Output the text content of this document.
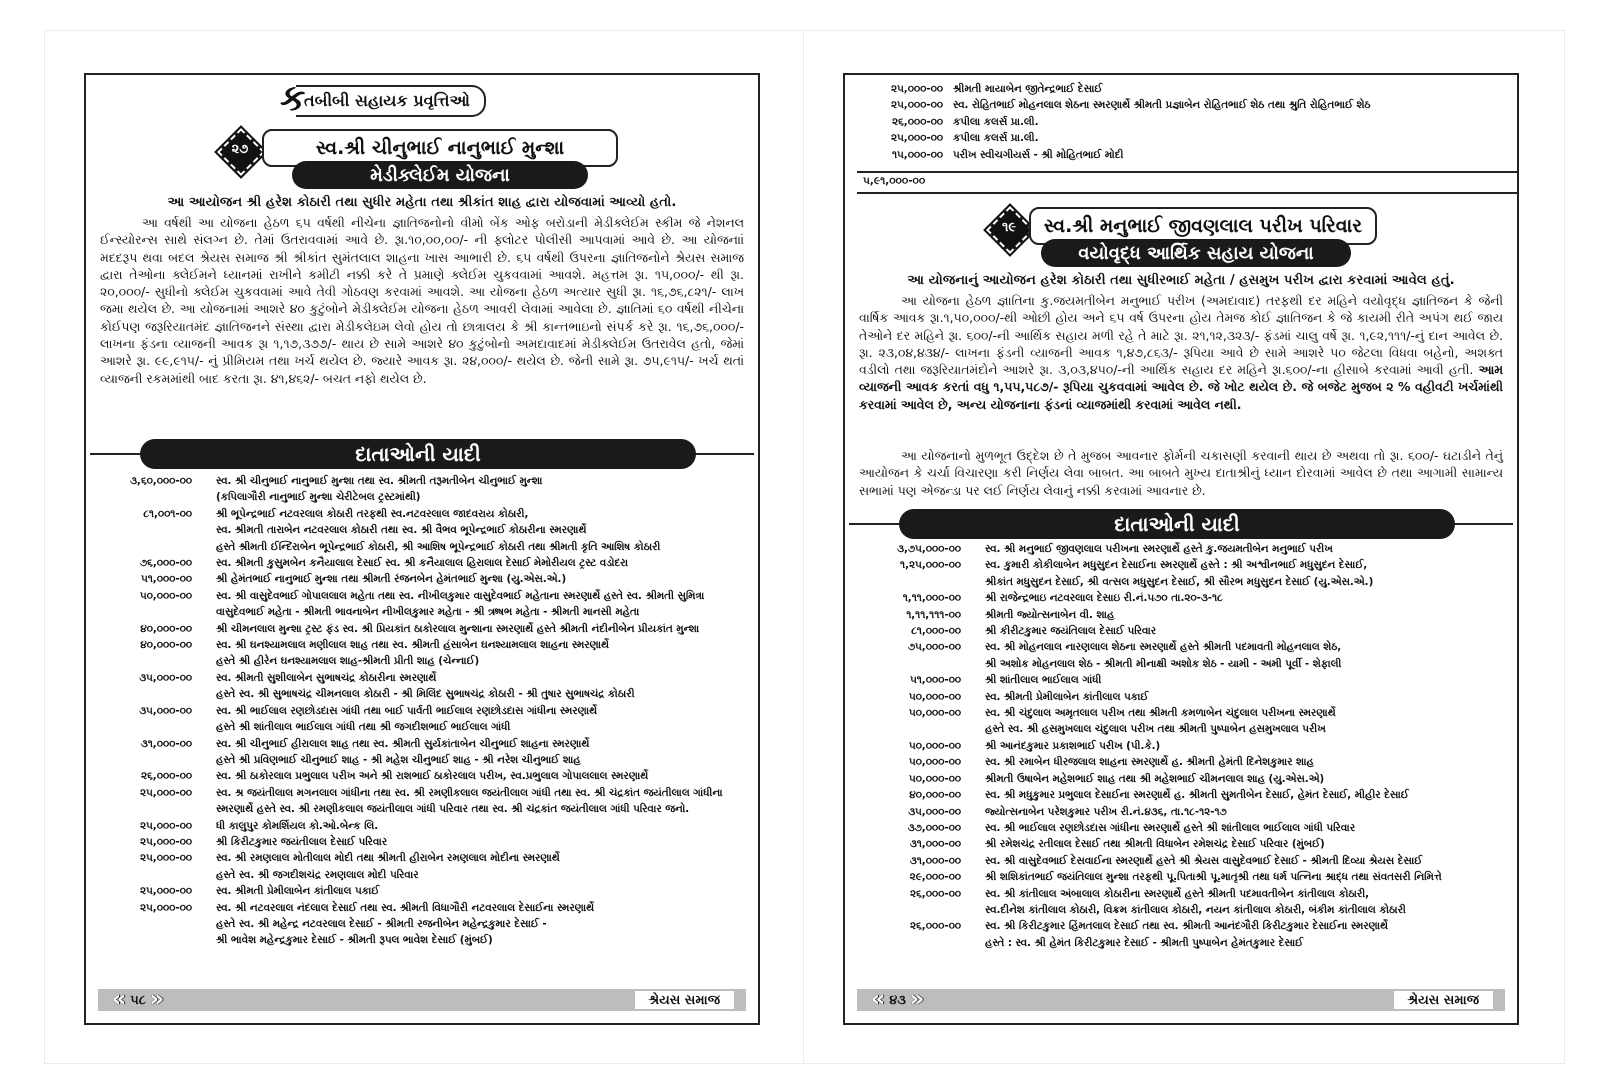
ક
તબીબી સહાયક પ્રવૃત્તિઓ
૨૭	સ્વ.શ્રી ચીનુભાઈ નાનુભાઈ મુન્શા
મેડીક્લેઈમ યોજના
આ આયોજન શ્રી હરેશ કોઠારી તથા સુધીર મહેતા તથા શ્રીકાંત શાહ દ્વારા યોજવામાં આવ્યો હતો.
આ વર્ષથી આ યોજના હેઠળ ૬૫ વર્ષથી નીચેના જ્ઞાતિજનોનો વીમો બેંક ઓફ બરોડાની મેડીક્લેઈમ સ્કીમ જે નેશનલ ઈન્સ્યોરન્સ સાથે સંલગ્ન છે. તેમાં ઉતરાવવામાં આવે છે. રૂા.૧૦,૦૦,૦૦/- ની ફ્લોટર પોલીસી આપવામાં આવે છે. આ યોજનાાં મદદરૂપ થવા બદલ શ્રેયસ સમાજ શ્રી શ્રીકાંત સુમંતલાલ શાહના ખાસ આભારી છે. ૬૫ વર્ષથી ઉપરના જ્ઞાતિજનોને શ્રેયસ સમાજ દ્વારા તેઓના ક્લેઈમને ધ્યાનમાં રાખીને કમીટી નક્કી કરે તે પ્રમાણે ક્લેઈમ ચુકવવામાં આવશે. મહત્તમ રૂા. ૧૫,૦૦૦/- થી રૂા. ૨૦,૦૦૦/- સુધીનો ક્લેઈમ ચુકવવામાં આવે તેવી ગોઠવણ કરવામાં આવશે. આ યોજના હેઠળ અત્યાર સુધી રૂા. ૧૬,૭૬,૮૨૧/- લાખ જમા થયેલ છે. આ યોજનામાં આશરે ૪૦ કુટુંબોને મેડીક્લેઈમ યોજના હેઠળ આવરી લેવામાં આવેલા છે. જ્ઞાતિમાં ૬૦ વર્ષથી નીચેના કોઈપણ જરૂરિયાતમંદ જ્ઞાતિજનને સંસ્થા દ્વારા મેડીકલેઇમ લેવો હોય તો છાત્રાલય કે શ્રી કાન્તભાઇનો સંપર્ક કરે રૂા. ૧૬,૭૬,૦૦૦/- લાખના ફંડના વ્યાજની આવક રૂા ૧,૧૭,૩૭૭/- થાય છે સામે આશરે ૪૦ કુટુંબોનો અમદાવાદમાં મેડીક્લેઈમ ઉતરાવેલ હતો, જેમાં આશરે રૂા. ૯૯,૯૧૫/- નું પ્રીમિયમ તથા ખર્ચ થયેલ છે. જ્યારે આવક રૂા. ૨૪,૦૦૦/- થયેલ છે. જેની સામે રૂા. ૭૫,૯૧૫/- ખર્ચ થતાં વ્યાજની રકમમાંથી બાદ કરતા રૂા. ૪૧,૪૬૨/- બચત નફો થયેલ છે.
દાતાઓની યાદી
૩,૬૦,૦૦૦-૦૦ સ્વ. શ્રી ચીનુભાઈ નાનુભાઈ મુન્શા તથા સ્વ. શ્રીમતી તરૂમતીબેન ચીનુભાઈ મુન્શા
(કપિલાગૌરી નાનુભાઈ મુન્શા ચેરીટેબલ ટ્રસ્ટમાંથી)
૮૧,૦૦૧-૦૦ શ્રી ભૂપેન્દ્રભાઈ નટવરલાલ કોઠારી તરફથી સ્વ.નટવરલાલ જાદવરાય કોઠારી,
સ્વ. શ્રીમતી તારાબેન નટવરલાલ કોઠારી તથા સ્વ. શ્રી વૈભવ ભૂપેન્દ્રભાઈ કોઠારીના સ્મરણાર્થે
હસ્તે શ્રીમતી ઈન્દિરાબેન ભૂપેન્દ્રભાઈ કોઠારી, શ્રી આશિષ ભૂપેન્દ્રભાઈ કોઠારી તથા શ્રીમતી કૃતિ આશિષ કોઠારી
૭૬,૦૦૦-૦૦ સ્વ. શ્રીમતી કુસુમબેન કનૈયાલાલ દેસાઈ સ્વ. શ્રી કનૈયાલાલ હિરાલાલ દેસાઈ મેમોરીયલ ટ્રસ્ટ વડોદરા
૫૧,૦૦૦-૦૦ શ્રી હેમંતભાઈ નાનુભાઈ મુન્શા તથા શ્રીમતી રંજનબેન હેમંતભાઈ મુન્શા (યુ.એસ.એ.)
૫૦,૦૦૦-૦૦ સ્વ. શ્રી વાસુદેવભાઈ ગોપાલલાલ મહેતા તથા સ્વ. નીખીલકુમાર વાસુદેવભાઈ મહેતાના સ્મરણાર્થે હસ્તે સ્વ. શ્રીમતી સુમિત્રા
વાસુદેવભાઈ મહેતા - શ્રીમતી ભાવનાબેન નીખીલકુમાર મહેતા - શ્રી ઋષભ મહેતા - શ્રીમતી માનસી મહેતા
૪૦,૦૦૦-૦૦ શ્રી ચીમનલાલ મુન્શા ટ્રસ્ટ ફંડ સ્વ. શ્રી પ્રિયકાંત ઠાકોરલાલ મુન્શાના સ્મરણાર્થે હસ્તે શ્રીમતી નંદીનીબેન પ્રીયકાંત મુન્શા
૪૦,૦૦૦-૦૦ સ્વ. શ્રી ઘનશ્યામલાલ મણીલાલ શાહ તથા સ્વ. શ્રીમતી હંસાબેન ઘનશ્યામલાલ શાહના સ્મરણાર્થે
હસ્તે શ્રી હીરેન ઘનશ્યામલાલ શાહ-શ્રીમતી પ્રીતી શાહ (ચેન્નાઈ)
૩૫,૦૦૦-૦૦ સ્વ. શ્રીમતી સુશીલાબેન સુભાષચંદ્ર કોઠારીના સ્મરણાર્થે
હસ્તે સ્વ. શ્રી સુભાષચંદ્ર ચીમનલાલ કોઠારી - શ્રી મિલિંદ સુભાષચંદ્ર કોઠારી - શ્રી તુષાર સુભાષચંદ્ર કોઠારી
૩૫,૦૦૦-૦૦ સ્વ. શ્રી ભાઈલાલ રણછોડદાસ ગાંધી તથા બાઈ પાર્વતી ભાઈલાલ રણછોડદાસ ગાંધીના સ્મરણાર્થે
હસ્તે શ્રી શાંતીલાલ ભાઈલાલ ગાંધી તથા શ્રી જગદીશભાઈ ભાઈલાલ ગાંધી
૩૧,૦૦૦-૦૦ સ્વ. શ્રી ચીનુભાઈ હીરાલાલ શાહ તથા સ્વ. શ્રીમતી સુર્યકાંતાબેન ચીનુભાઈ શાહના સ્મરણાર્થે
હસ્તે શ્રી પ્રવિણભાઈ ચીનુભાઈ શાહ - શ્રી મહેશ ચીનુભાઈ શાહ - શ્રી નરેશ ચીનુભાઈ શાહ
૨૬,૦૦૦-૦૦ સ્વ. શ્રી ઠાકોરલાલ પ્રભુલાલ પરીખ અને શ્રી રાશભાઈ ઠાકોરલાલ પરીખ, સ્વ.પ્રભુલાલ ગોપાલલાલ સ્મરણાર્થે
૨૫,૦૦૦-૦૦ સ્વ. શ્ર જયંતીલાલ મગનલાલ ગાંધીના તથા સ્વ. શ્રી રમણીકલાલ જયંતીલાલ ગાંધી તથા સ્વ. શ્રી ચંદ્રકાંત જયંતીલાલ ગાંધીના
સ્મરણાર્થે હસ્તે સ્વ. શ્રી રમણીકલાલ જયંતીલાલ ગાંધી પરિવાર તથા સ્વ. શ્રી ચંદ્રકાંત જયંતીલાલ ગાંધી પરિવાર જનો.
૨૫,૦૦૦-૦૦ ધી કાલુપુર કોમર્શિયલ કો.ઓ.બેન્ક લિ.
૨૫,૦૦૦-૦૦ શ્રી કિરીટકુમાર જયંતીલાલ દેસાઈ પરિવાર
૨૫,૦૦૦-૦૦ સ્વ. શ્રી રમણલાલ મોતીલાલ મોદી તથા શ્રીમતી હીરાબેન રમણલાલ મોદીના સ્મરણાર્થે
હસ્તે સ્વ. શ્રી જગદીશચંદ્ર રમણલાલ મોદી પરિવાર
૨૫,૦૦૦-૦૦ સ્વ. શ્રીમતી પ્રેમીલાબેન કાંતીલાલ પકાઈ
૨૫,૦૦૦-૦૦ સ્વ. શ્રી નટવરલાલ નંદલાલ દેસાઈ તથા સ્વ. શ્રીમતી વિધાગૌરી નટવરલાલ દેસાઈના સ્મરણાર્થે
હસ્તે સ્વ. શ્રી મહેન્દ્ર નટવરલાલ દેસાઈ - શ્રીમતી રજનીબેન મહેન્દ્રકુમાર દેસાઈ -
શ્રી ભાવેશ મહેન્દ્રકુમાર દેસાઈ - શ્રીમતી રૂપલ ભાવેશ દેસાઈ (મુંબઈ)
« ૫૮ »	શ્રેયસ સમાજ
૨૫,૦૦૦-૦૦ શ્રીમતી માયાબેન જીતેન્દ્રભાઈ દેસાઈ
૨૫,૦૦૦-૦૦ સ્વ. રોહિતભાઈ મોહનલાલ શેઠના સ્મરણાર્થે શ્રીમતી પ્રજ્ઞાબેન રોહિતભાઈ શેઠ તથા શ્રુતિ રોહિતભાઈ શેઠ
૨૬,૦૦૦-૦૦ કપીલા કલર્સ પ્રા.લી.
૨૫,૦૦૦-૦૦ કપીલા કલર્સ પ્રા.લી.
૧૫,૦૦૦-૦૦ પરીખ સ્વીચગીયર્સ - શ્રી મોહિતભાઈ મોદી
૫,૯૧,૦૦૦-૦૦
૧૯	સ્વ.શ્રી મનુભાઈ જીવણલાલ પરીખ પરિવાર
વયોવૃદ્ધ આર્થિક સહાય યોજના
આ યોજનાનું આયોજન હરેશ કોઠારી તથા સુધીરભાઈ મહેતા / હસમુખ પરીખ દ્વારા કરવામાં આવેલ હતું.
આ યોજના હેઠળ જ્ઞાતિના કુ.જયમતીબેન મનુભાઈ પરીખ (અમદાવાદ) તરફથી દર મહિને વયોવૃદ્ધ જ્ઞાતિજન કે જેની વાર્ષિક આવક રૂા.૧,૫૦,૦૦૦/-થી ઓછી હોય અને ૬૫ વર્ષ ઉપરના હોય તેમજ કોઈ જ્ઞાતિજન કે જે કાયમી રીતે અપંગ થઈ જાય તેઓને દર મહિને રૂા. ૬૦૦/-ની આર્થિક સહાય મળી રહે તે માટે રૂા. ૨૧,૧૨,૩૨૩/- ફંડમાં ચાલુ વર્ષે રૂા. ૧,૯૨,૧૧૧/-નું દાન આવેલ છે. રૂા. ૨૩,૦૪,૪૩૪/- લાખના ફંડની વ્યાજની આવક ૧,૪૭,૮૬૩/- રૂપિયા આવે છે સામે આશરે ૫૦ જેટલા વિધવા બહેનો, અશક્ત વડીલો તથા જરૂરિયાતમંદોને આશરે રૂા. ૩,૦૩,૪૫૦/-ની આર્થિક સહાય દર મહિને રૂા.૬૦૦/-ના હીસાબે કરવામાં આવી હતી. આમ વ્યાજની આવક કરતાં વધુ ૧,૫૫,૫૮૭/- રૂપિયા ચુકવવામાં આવેલ છે. જે ખોટ થયેલ છે. જે બજેટ મુજબ ૨ % વહીવટી ખર્ચમાંથી કરવામાં આવેલ છે, અન્ય યોજનાના ફંડનાં વ્યાજમાંથી કરવામાં આવેલ નથી.
આ યોજનાનો મુળભૂત ઉદ્દેશ છે તે મુજબ આવનાર ફોર્મની ચકાસણી કરવાની થાય છે અથવા તો રૂા. ૬૦૦/- ઘટાડીને તેનું આયોજન કે ચર્ચા વિચારણા કરી નિર્ણય લેવા બાબત. આ બાબતે મુખ્ય દાતાશ્રીનું ધ્યાન દોરવામાં આવેલ છે તથા આગામી સામાન્ય સભામાં પણ એજન્ડા પર લઈ નિર્ણય લેવાનું નક્કી કરવામાં આવનાર છે.
દાતાઓની યાદી
૩,૭૫,૦૦૦-૦૦ સ્વ. શ્રી મનુભાઈ જીવણલાલ પરીખના સ્મરણાર્થે હસ્તે કુ.જયમતીબેન મનુભાઈ પરીખ
૧,૨૫,૦૦૦-૦૦ સ્વ. કુમારી કોકીલાબેન મધુસુદન દેસાઈના સ્મરણાર્થે હસ્તે : શ્રી અશ્વીનભાઈ મધુસુદન દેસાઈ,
શ્રીકાંત મધુસુદન દેસાઈ, શ્રી વત્સલ મધુસુદન દેસાઈ, શ્રી સૌરભ મધુસુદન દેસાઈ (યુ.એસ.એ.)
૧,૧૧,૦૦૦-૦૦ શ્રી રાજેન્દ્રભાઇ નટવરલાલ દેસાઇ રી.નં.૫૭૦ તા.૨૦-૩-૧૮
૧,૧૧,૧૧૧-૦૦ શ્રીમતી જ્યોત્સનાબેન વી. શાહ
૮૧,૦૦૦-૦૦ શ્રી કીરીટકુમાર જયંતિલાલ દેસાઈ પરિવાર
૭૫,૦૦૦-૦૦ સ્વ. શ્રી મોહનલાલ નારણલાલ શેઠના સ્મરણાર્થે હસ્તે શ્રીમતી પદમાવતી મોહનલાલ શેઠ,
શ્રી અશોક મોહનલાલ શેઠ - શ્રીમતી મીનાક્ષી અશોક શેઠ - યામી - અમી પૂર્વી - શેફાલી
૫૧,૦૦૦-૦૦ શ્રી શાંતીલાલ ભાઈલાલ ગાંધી
૫૦,૦૦૦-૦૦ સ્વ. શ્રીમતી પ્રેમીલાબેન કાંતીલાલ પકાઈ
૫૦,૦૦૦-૦૦ સ્વ. શ્રી ચંદુલાલ અમૃતલાલ પરીખ તથા શ્રીમતી કમળાબેન ચંદુલાલ પરીખના સ્મરણાર્થે
હસ્તે સ્વ. શ્રી હસમુખલાલ ચંદુલાલ પરીખ તથા શ્રીમતી પુષ્પાબેન હસમુખલાલ પરીખ
૫૦,૦૦૦-૦૦ શ્રી આનંદકુમાર પ્રકાશભાઈ પરીખ (પી.કે.)
૫૦,૦૦૦-૦૦ સ્વ. શ્રી રમાબેન ધીરજલાલ શાહના સ્મરણાર્થે હ. શ્રીમતી હેમંતી દિનેશકુમાર શાહ
૫૦,૦૦૦-૦૦ શ્રીમતી ઉષાબેન મહેશભાઈ શાહ તથા શ્રી મહેશભાઈ ચીમનલાલ શાહ (યુ.એસ.એ)
૪૦,૦૦૦-૦૦ સ્વ. શ્રી મધુકુમાર પ્રભુલાલ દેસાઈના સ્મરણાર્થે હ. શ્રીમતી સુમતીબેન દેસાઈ, હેમંત દેસાઈ, મીહીર દેસાઈ
૩૫,૦૦૦-૦૦ જ્યોત્સનાબેન પરેશકુમાર પરીખ રી.નં.૪૩૬, તા.૧૮-૧૨-૧૭
૩૭,૦૦૦-૦૦ સ્વ. શ્રી ભાઈલાલ રણછોડદાસ ગાંધીના સ્મરણાર્થે હસ્તે શ્રી શાંતીલાલ ભાઈલાલ ગાંધી પરિવાર
૩૧,૦૦૦-૦૦ શ્રી રમેશચંદ્ર રતીલાલ દેસાઈ તથા શ્રીમતી વિધાબેન રમેશચંદ્ર દેસાઈ પરિવાર (મુંબઈ)
૩૧,૦૦૦-૦૦ સ્વ. શ્રી વાસુદેવભાઈ દેસવાઈના સ્મરણાર્થે હસ્તે શ્રી શ્રેયસ વાસુદેવભાઈ દેસાઈ - શ્રીમતી દિવ્યા શ્રેયસ દેસાઈ
૨૯,૦૦૦-૦૦ શ્રી શશિકાંતભાઈ જયંતિલાલ મુન્શા તરફથી પૂ.પિતાશ્રી પૂ.માતૃશ્રી તથા ધર્મ પત્નિના શ્રાદ્ધ તથા સંવતસરી નિમિત્તે
૨૬,૦૦૦-૦૦ સ્વ. શ્રી કાંતીલાલ અંબાલાલ કોઠારીના સ્મરણાર્થે હસ્તે શ્રીમતી પદમાવતીબેન કાંતીલાલ કોઠારી,
સ્વ.દીનેશ કાંતીલાલ કોઠારી, વિક્રમ કાંતીલાલ કોઠારી, નયન કાંતીલાલ કોઠારી, બંકીમ કાંતીલાલ કોઠારી
૨૬,૦૦૦-૦૦ સ્વ. શ્રી કિરીટકુમાર હિંમતલાલ દેસાઈ તથા સ્વ. શ્રીમતી આનંદગૌરી કિરીટકુમાર દેસાઈના સ્મરણાર્થે
હસ્તે : સ્વ. શ્રી હેમંત કિરીટકુમાર દેસાઈ - શ્રીમતી પુષ્પાબેન હેમંતકુમાર દેસાઈ
« ૪૩ »	શ્રેયસ સમાજ
